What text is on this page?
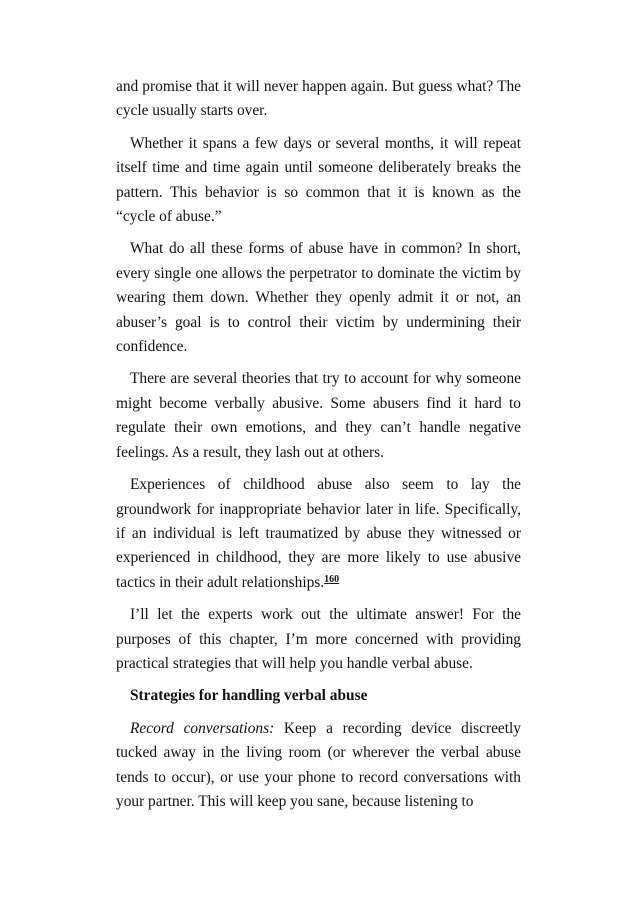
and promise that it will never happen again. But guess what? The cycle usually starts over.

Whether it spans a few days or several months, it will repeat itself time and time again until someone deliberately breaks the pattern. This behavior is so common that it is known as the “cycle of abuse.”

What do all these forms of abuse have in common? In short, every single one allows the perpetrator to dominate the victim by wearing them down. Whether they openly admit it or not, an abuser’s goal is to control their victim by undermining their confidence.

There are several theories that try to account for why someone might become verbally abusive. Some abusers find it hard to regulate their own emotions, and they can’t handle negative feelings. As a result, they lash out at others.

Experiences of childhood abuse also seem to lay the groundwork for inappropriate behavior later in life. Specifically, if an individual is left traumatized by abuse they witnessed or experienced in childhood, they are more likely to use abusive tactics in their adult relationships.$^{160}$

I’ll let the experts work out the ultimate answer! For the purposes of this chapter, I’m more concerned with providing practical strategies that will help you handle verbal abuse.

Strategies for handling verbal abuse

Record conversations: Keep a recording device discreetly tucked away in the living room (or wherever the verbal abuse tends to occur), or use your phone to record conversations with your partner. This will keep you sane, because listening to
